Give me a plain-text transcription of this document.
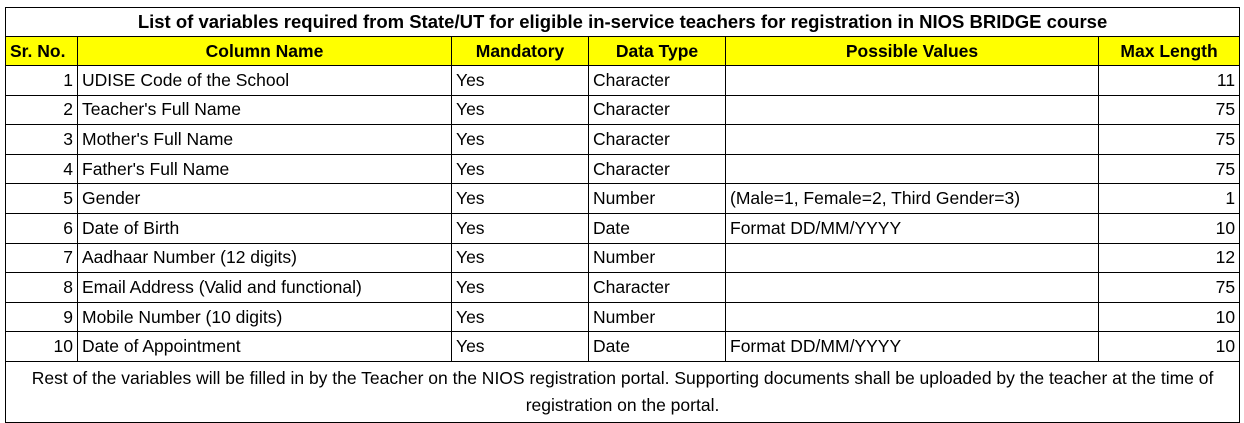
List of variables required from State/UT for eligible in-service teachers for registration in NIOS BRIDGE course					
Sr. No.	Column Name	Mandatory	Data Type	Possible Values	Max Length
1	UDISE Code of the School	Yes	Character		11
2	Teacher's Full Name	Yes	Character		75
3	Mother's Full Name	Yes	Character		75
4	Father's Full Name	Yes	Character		75
5	Gender	Yes	Number	(Male=1, Female=2, Third Gender=3)	1
6	Date of Birth	Yes	Date	Format DD/MM/YYYY	10
7	Aadhaar Number (12 digits)	Yes	Number		12
8	Email Address (Valid and functional)	Yes	Character		75
9	Mobile Number (10 digits)	Yes	Number		10
10	Date of Appointment	Yes	Date	Format DD/MM/YYYY	10
Rest of the variables will be filled in by the Teacher on the NIOS registration portal. Supporting documents shall be uploaded by the teacher at the time of registration on the portal.					
